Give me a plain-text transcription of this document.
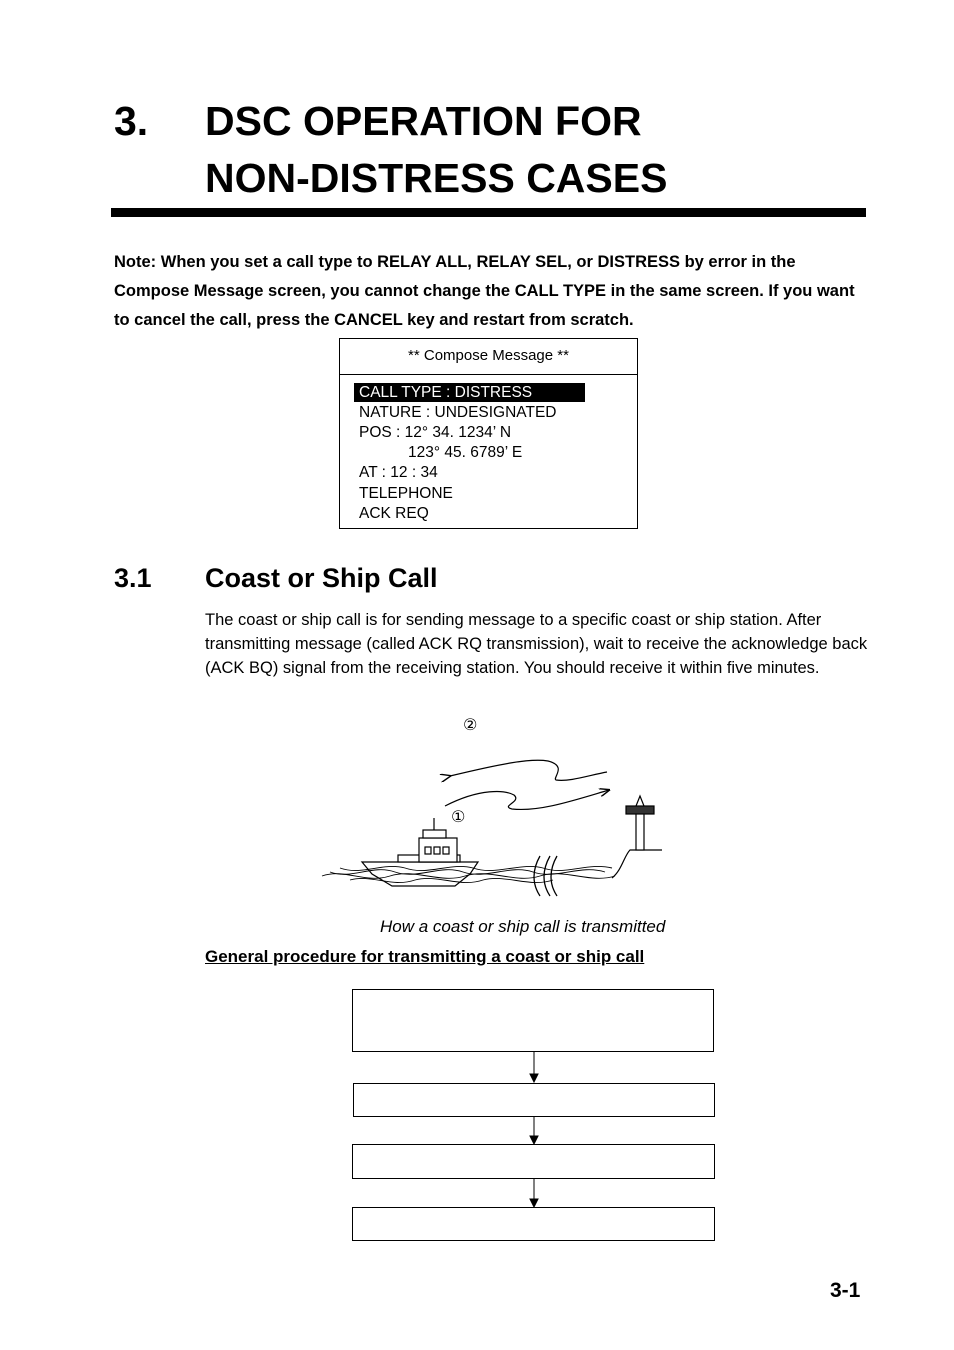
3. DSC OPERATION FOR
NON-DISTRESS CASES
Note: When you set a call type to RELAY ALL, RELAY SEL, or DISTRESS by error in the Compose Message screen, you cannot change the CALL TYPE in the same screen. If you want to cancel the call, press the CANCEL key and restart from scratch.
** Compose Message **
CALL TYPE : DISTRESS
NATURE : UNDESIGNATED
POS : 12° 34. 1234’ N
123° 45. 6789’ E
AT : 12 : 34
TELEPHONE
ACK REQ
3.1 Coast or Ship Call
The coast or ship call is for sending message to a specific coast or ship station. After transmitting message (called ACK RQ transmission), wait to receive the acknowledge back (ACK BQ) signal from the receiving station. You should receive it within five minutes.
②
①
How a coast or ship call is transmitted
General procedure for transmitting a coast or ship call
3-1
